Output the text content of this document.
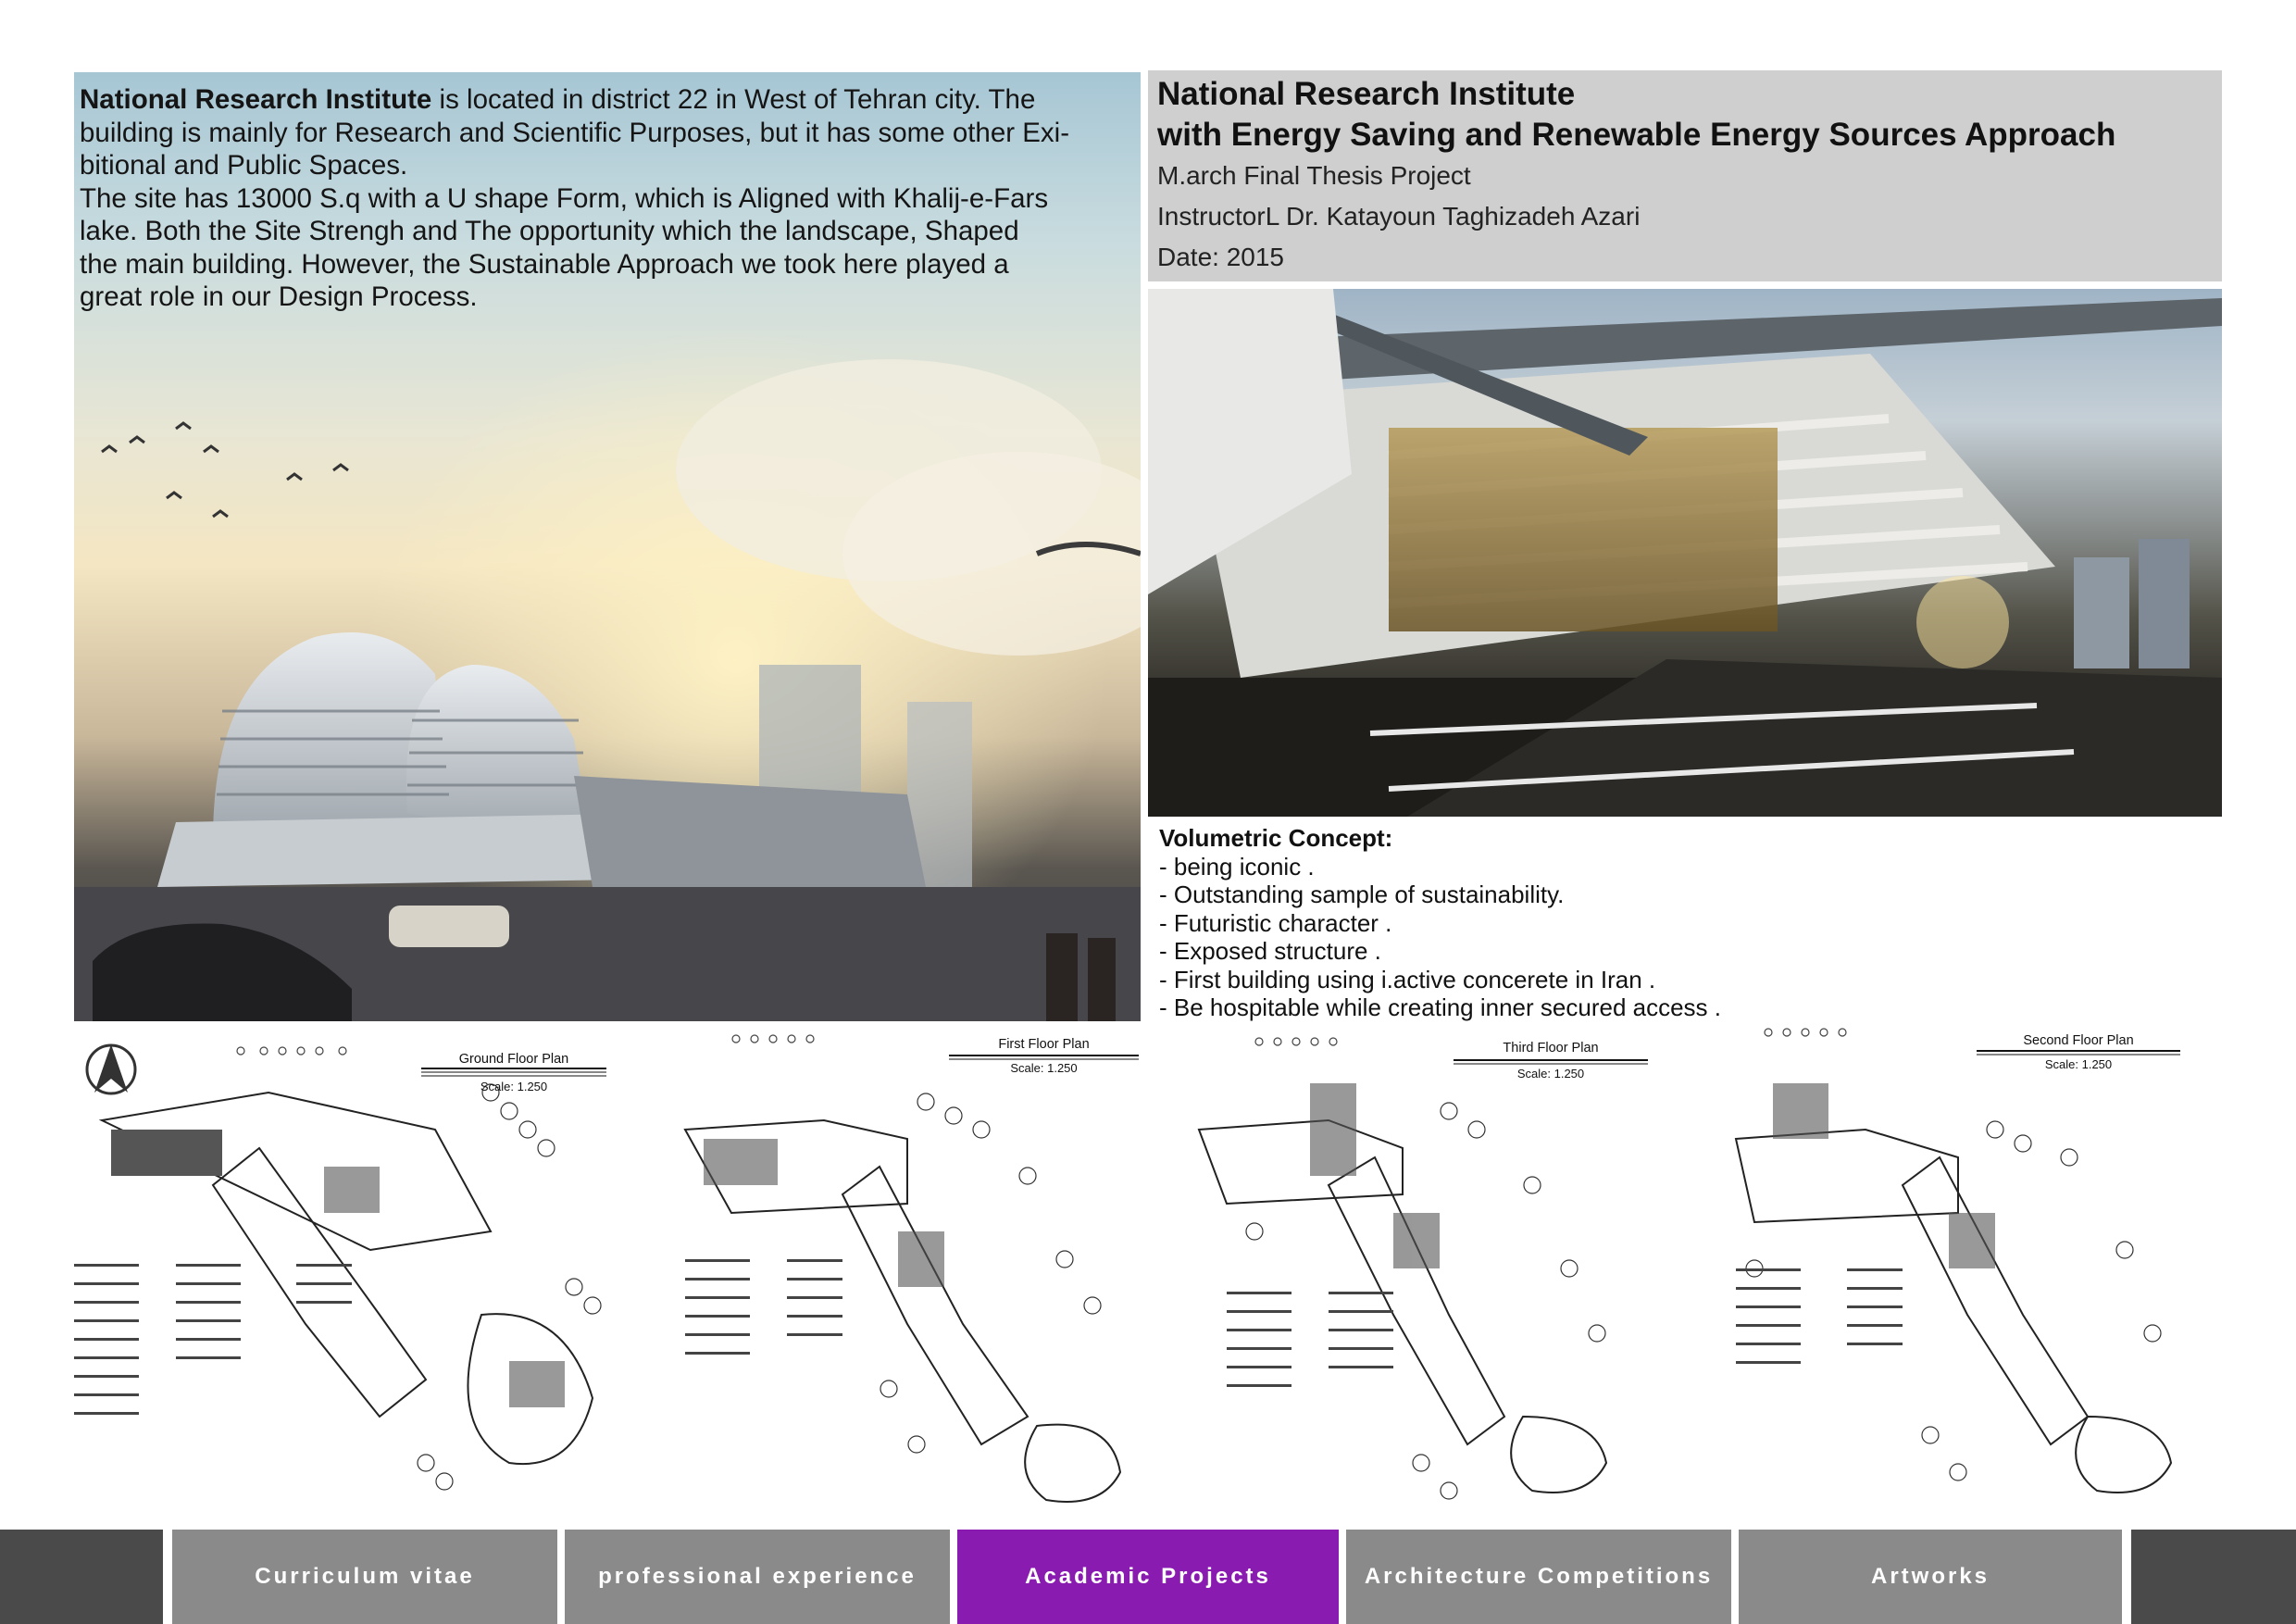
National Research Institute is located in district 22 in West of Tehran city. The

building is mainly for Research and Scientific Purposes, but it has some other Exi-

bitional and Public Spaces.

The site has 13000 S.q with a U shape Form, which is Aligned with Khalij-e-Fars

lake. Both the Site Strengh and The opportunity which the landscape, Shaped

the main building. However, the Sustainable Approach we took here played a

great role in our Design Process.

National Research Institute
with Energy Saving and Renewable Energy Sources Approach
M.arch Final Thesis Project
InstructorL Dr. Katayoun Taghizadeh Azari
Date: 2015
Volumetric Concept:
- being iconic .
- Outstanding sample of sustainability.
- Futuristic character .
- Exposed structure .
- First building using i.active concerete in Iran .
- Be hospitable while creating inner secured access .
Ground Floor Plan
Scale: 1.250
First Floor Plan
Scale: 1.250
Third Floor Plan
Scale: 1.250
Second Floor Plan
Scale: 1.250
Curriculum vitae	professional experience	Academic Projects	Architecture Competitions	Artworks
